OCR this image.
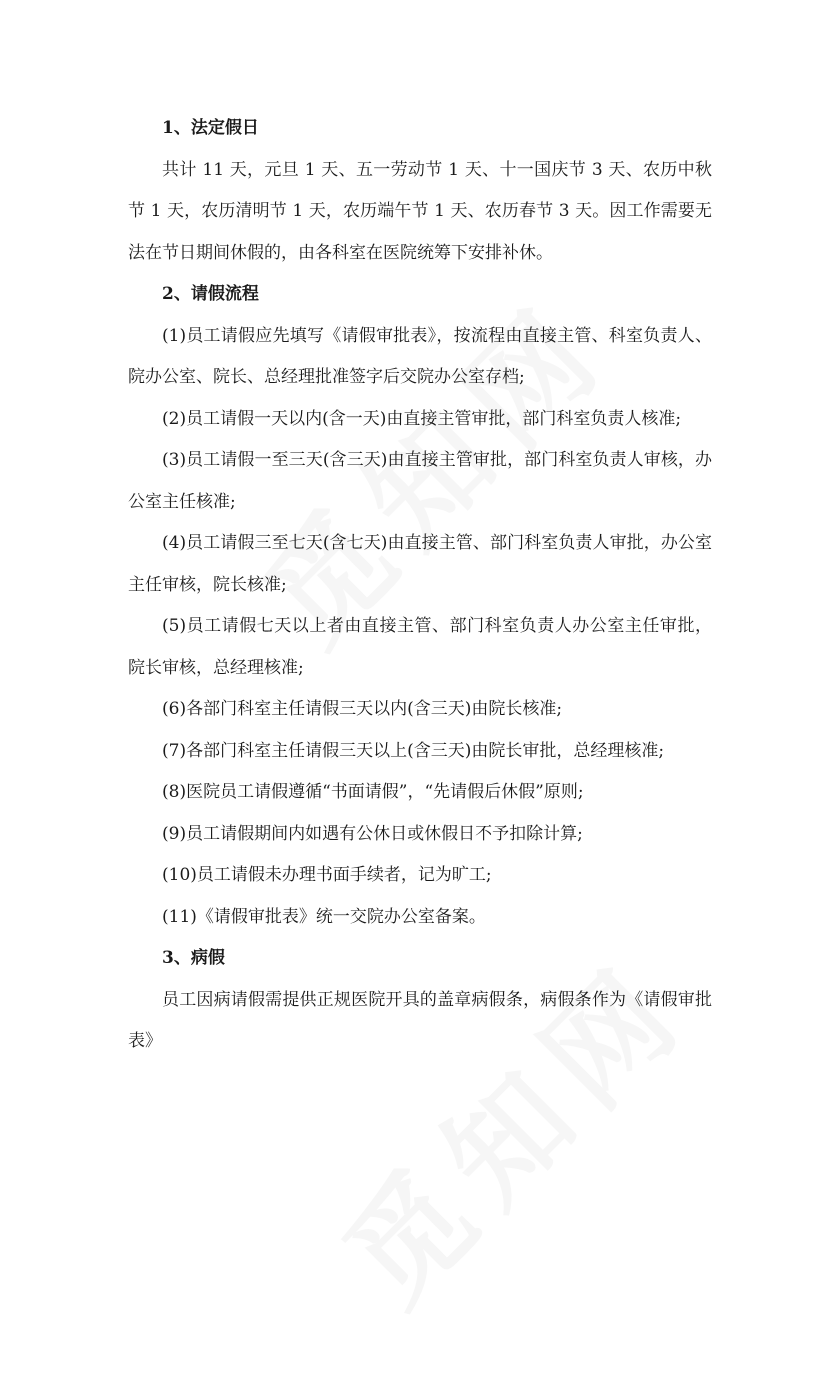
1、法定假日

共计 11 天，元旦 1 天、五一劳动节 1 天、十一国庆节 3 天、农历中秋节 1 天，农历清明节 1 天，农历端午节 1 天、农历春节 3 天。因工作需要无法在节日期间休假的，由各科室在医院统筹下安排补休。

2、请假流程

(1)员工请假应先填写《请假审批表》，按流程由直接主管、科室负责人、院办公室、院长、总经理批准签字后交院办公室存档;

(2)员工请假一天以内(含一天)由直接主管审批，部门科室负责人核准;

(3)员工请假一至三天(含三天)由直接主管审批，部门科室负责人审核，办公室主任核准;

(4)员工请假三至七天(含七天)由直接主管、部门科室负责人审批，办公室主任审核，院长核准;

(5)员工请假七天以上者由直接主管、部门科室负责人办公室主任审批，院长审核，总经理核准;

(6)各部门科室主任请假三天以内(含三天)由院长核准;

(7)各部门科室主任请假三天以上(含三天)由院长审批，总经理核准;

(8)医院员工请假遵循“书面请假”，“先请假后休假”原则;

(9)员工请假期间内如遇有公休日或休假日不予扣除计算;

(10)员工请假未办理书面手续者，记为旷工;

(11)《请假审批表》统一交院办公室备案。

3、病假

员工因病请假需提供正规医院开具的盖章病假条，病假条作为《请假审批表》
